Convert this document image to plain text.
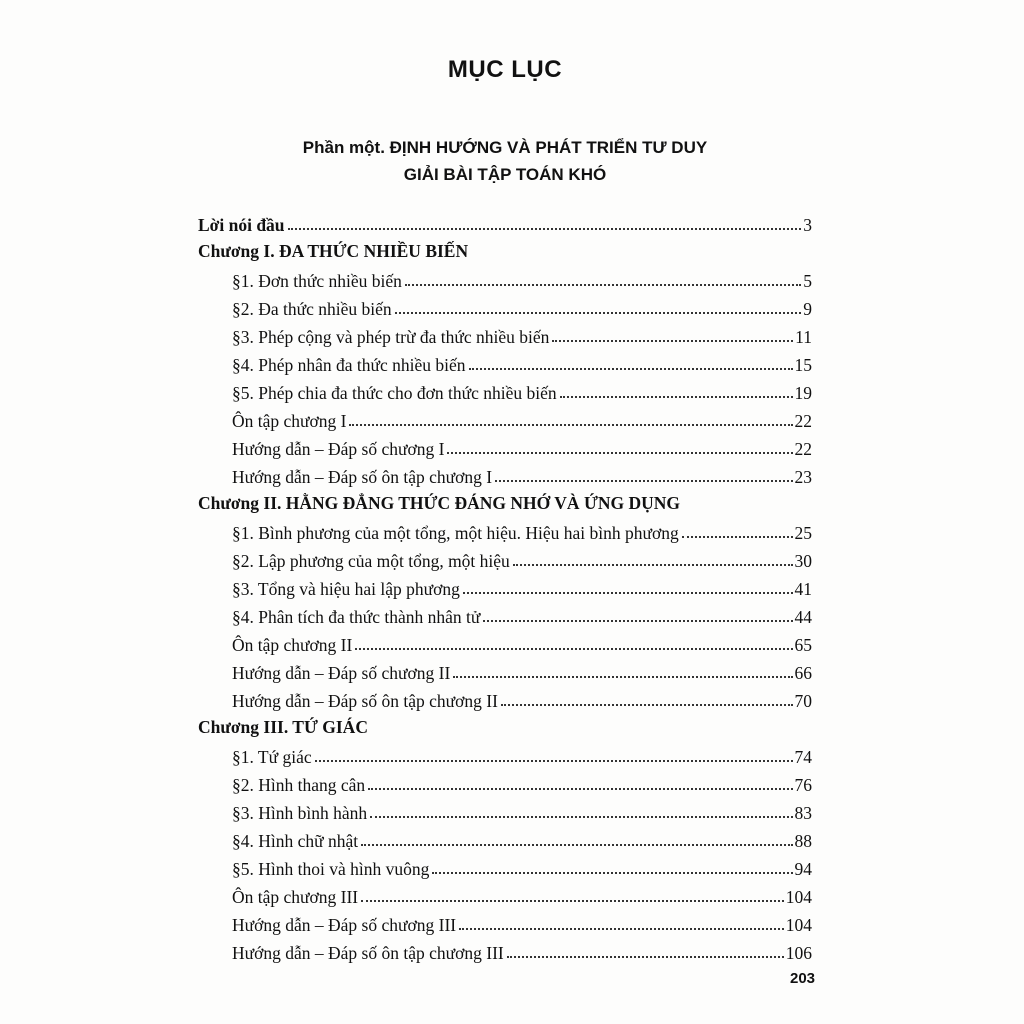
MỤC LỤC
Phần một. ĐỊNH HƯỚNG VÀ PHÁT TRIỂN TƯ DUY
GIẢI BÀI TẬP TOÁN KHÓ
Lời nói đầu	3
Chương I. ĐA THỨC NHIỀU BIẾN
§1. Đơn thức nhiều biến	5
§2. Đa thức nhiều biến	9
§3. Phép cộng và phép trừ đa thức nhiều biến	11
§4. Phép nhân đa thức nhiều biến	15
§5. Phép chia đa thức cho đơn thức nhiều biến	19
Ôn tập chương I	22
Hướng dẫn – Đáp số chương I	22
Hướng dẫn – Đáp số ôn tập chương I	23
Chương II. HẰNG ĐẲNG THỨC ĐÁNG NHỚ VÀ ỨNG DỤNG
§1. Bình phương của một tổng, một hiệu. Hiệu hai bình phương	25
§2. Lập phương của một tổng, một hiệu	30
§3. Tổng và hiệu hai lập phương	41
§4. Phân tích đa thức thành nhân tử	44
Ôn tập chương II	65
Hướng dẫn – Đáp số chương II	66
Hướng dẫn – Đáp số ôn tập chương II	70
Chương III. TỨ GIÁC
§1. Tứ giác	74
§2. Hình thang cân	76
§3. Hình bình hành	83
§4. Hình chữ nhật	88
§5. Hình thoi và hình vuông	94
Ôn tập chương III	104
Hướng dẫn – Đáp số chương III	104
Hướng dẫn – Đáp số ôn tập chương III	106
203
